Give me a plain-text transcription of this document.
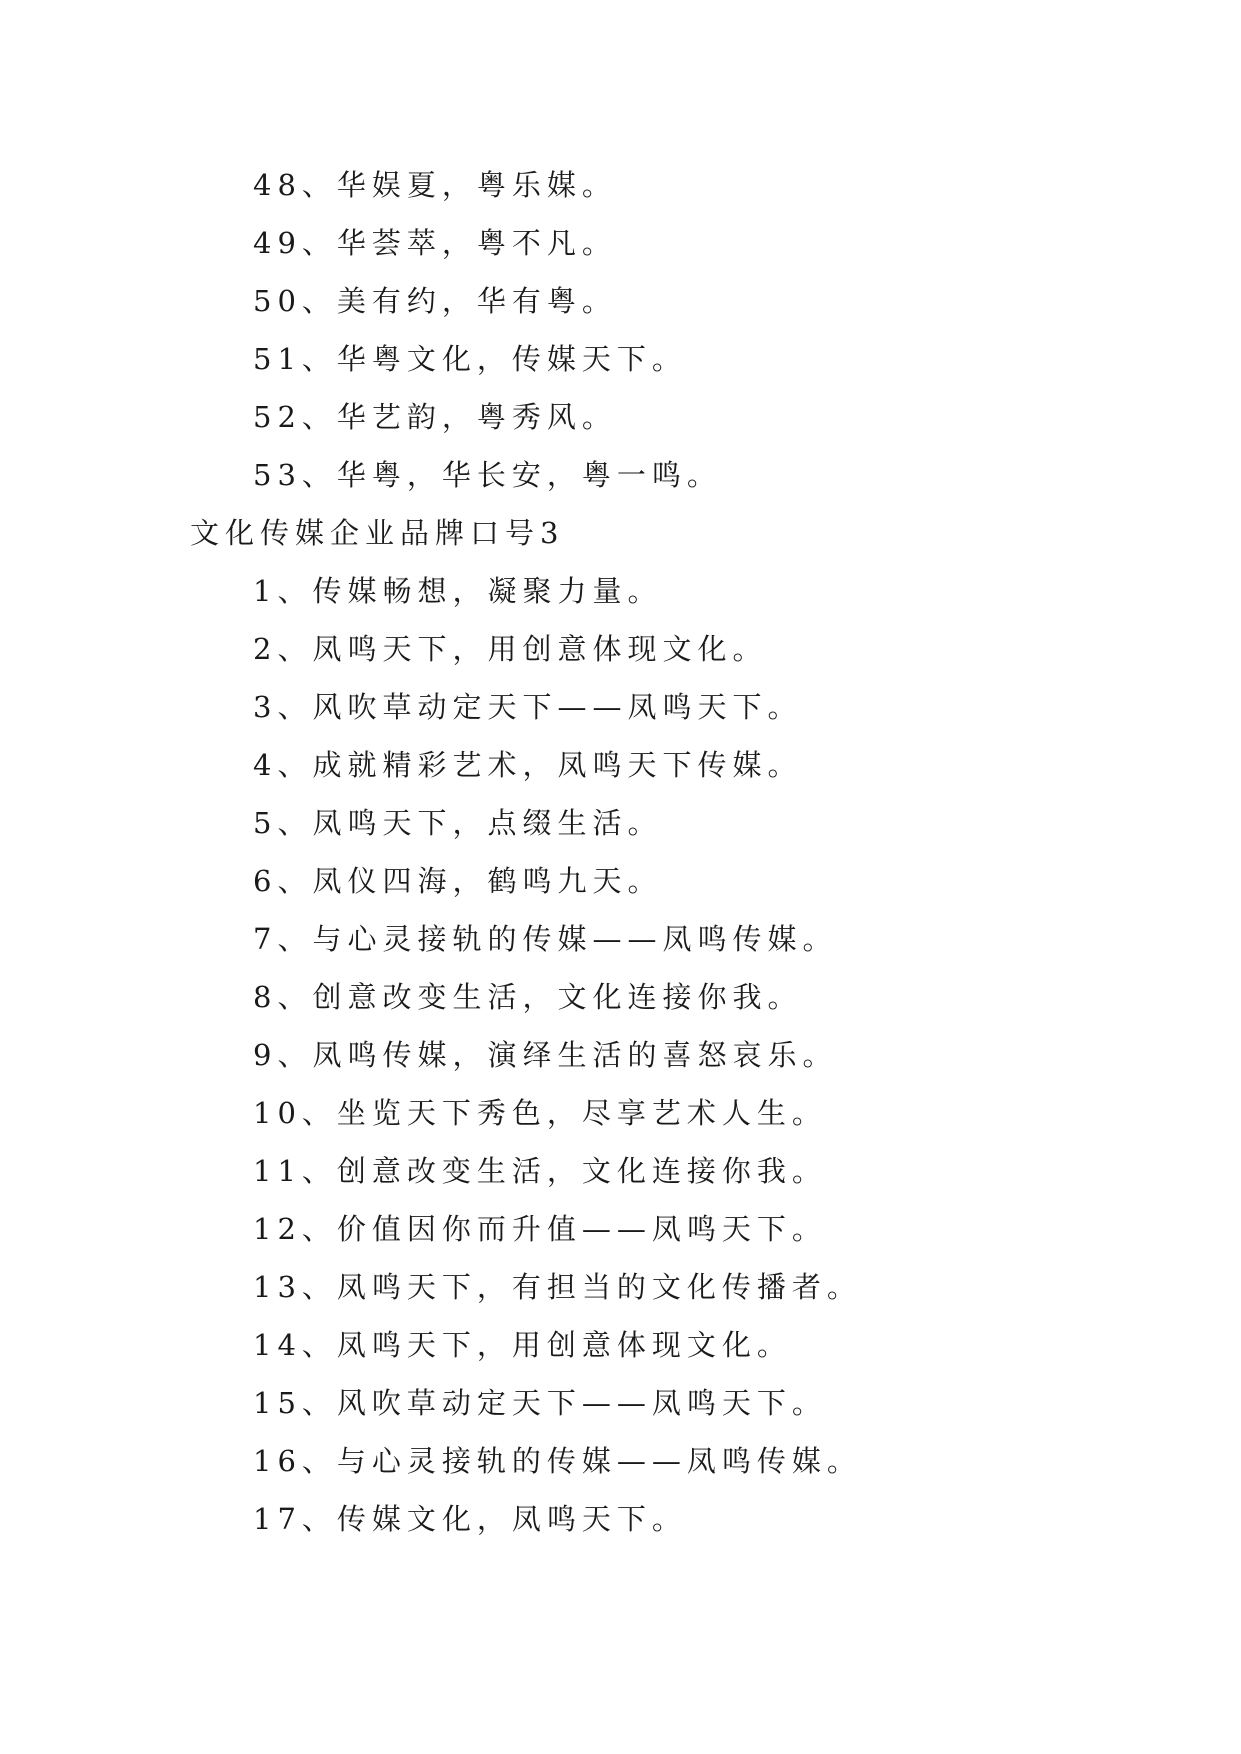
48、华娱夏，粤乐媒。
49、华荟萃，粤不凡。
50、美有约，华有粤。
51、华粤文化，传媒天下。
52、华艺韵，粤秀风。
53、华粤，华长安，粤一鸣。
文化传媒企业品牌口号3
1、传媒畅想，凝聚力量。
2、凤鸣天下，用创意体现文化。
3、风吹草动定天下——凤鸣天下。
4、成就精彩艺术，凤鸣天下传媒。
5、凤鸣天下，点缀生活。
6、凤仪四海，鹤鸣九天。
7、与心灵接轨的传媒——凤鸣传媒。
8、创意改变生活，文化连接你我。
9、凤鸣传媒，演绎生活的喜怒哀乐。
10、坐览天下秀色，尽享艺术人生。
11、创意改变生活，文化连接你我。
12、价值因你而升值——凤鸣天下。
13、凤鸣天下，有担当的文化传播者。
14、凤鸣天下，用创意体现文化。
15、风吹草动定天下——凤鸣天下。
16、与心灵接轨的传媒——凤鸣传媒。
17、传媒文化，凤鸣天下。
